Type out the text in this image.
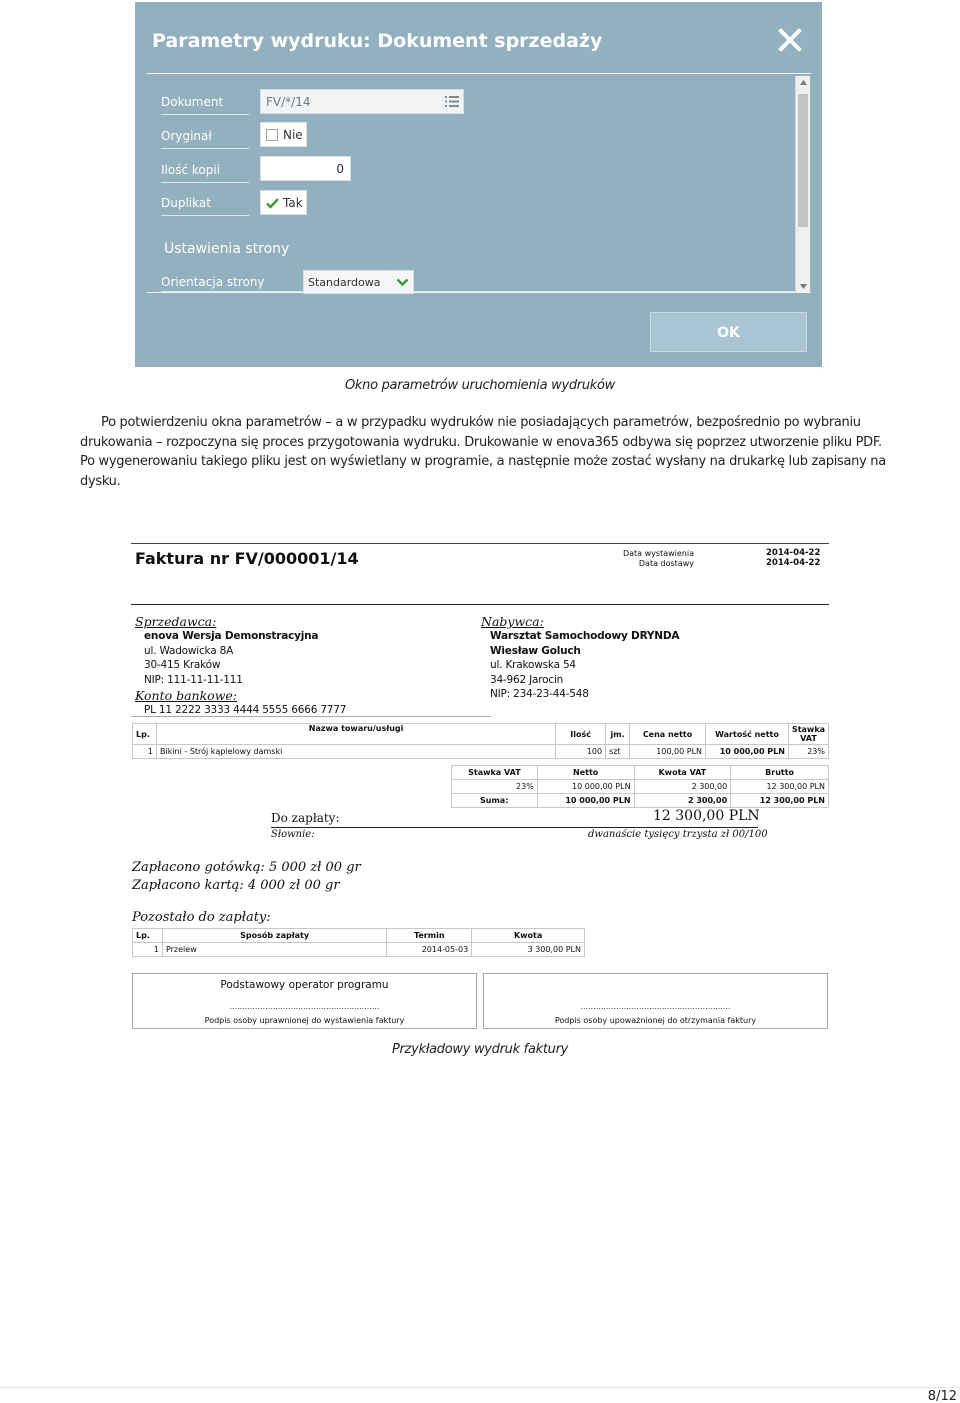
Parametry wydruku: Dokument sprzedaży
Dokument	FV/*/14
Oryginał	Nie
Ilość kopii	0
Duplikat	Tak
Ustawienia strony
Orientacja strony	Standardowa
OK
Okno parametrów uruchomienia wydruków
Po potwierdzeniu okna parametrów – a w przypadku wydruków nie posiadających parametrów, bezpośrednio po wybraniu drukowania – rozpoczyna się proces przygotowania wydruku. Drukowanie w enova365 odbywa się poprzez utworzenie pliku PDF. Po wygenerowaniu takiego pliku jest on wyświetlany w programie, a następnie może zostać wysłany na drukarkę lub zapisany na dysku.
Faktura nr FV/000001/14	Data wystawienia	2014-04-22
Data dostawy	2014-04-22
Sprzedawca:
enova Wersja Demonstracyjna
ul. Wadowicka 8A
30-415 Kraków
NIP: 111-11-11-111
Konto bankowe:
PL 11 2222 3333 4444 5555 6666 7777
Nabywca:
Warsztat Samochodowy DRYNDA
Wiesław Goluch
ul. Krakowska 54
34-962 Jarocin
NIP: 234-23-44-548
Lp.	Nazwa towaru/usługi	Ilość	jm.	Cena netto	Wartość netto	Stawka VAT
1	Bikini - Strój kąpielowy damski	100	szt	100,00 PLN	10 000,00 PLN	23%
Stawka VAT	Netto	Kwota VAT	Brutto
23%	10 000,00 PLN	2 300,00	12 300,00 PLN
Suma:	10 000,00 PLN	2 300,00	12 300,00 PLN
Do zapłaty:	12 300,00 PLN
Słownie:	dwanaście tysięcy trzysta zł 00/100
Zapłacono gotówką: 5 000 zł 00 gr
Zapłacono kartą: 4 000 zł 00 gr
Pozostało do zapłaty:
Lp.	Sposób zapłaty	Termin	Kwota
1	Przelew	2014-05-03	3 300,00 PLN
Podstawowy operator programu
...........................................................
Podpis osoby uprawnionej do wystawienia faktury
...........................................................
Podpis osoby upoważnionej do otrzymania faktury
Przykładowy wydruk faktury
8/12
